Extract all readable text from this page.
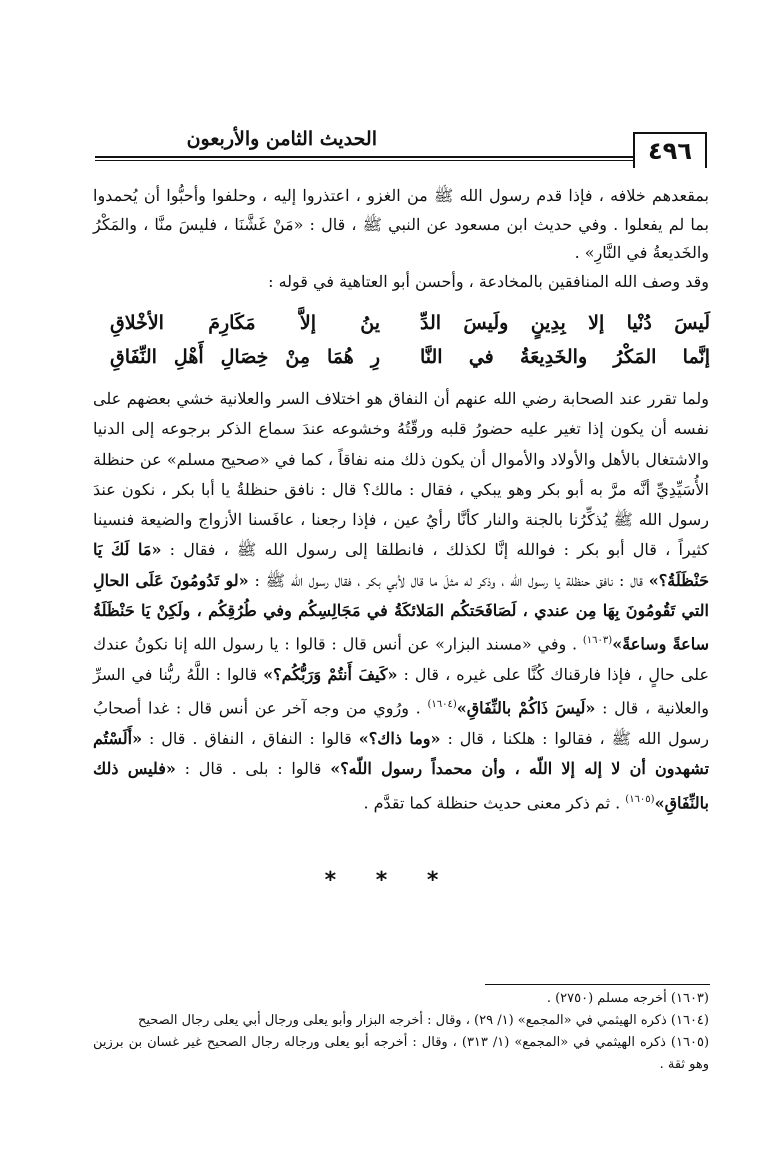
الحديث الثامن والأربعون	٤٩٦

بمقعدهم خلافه ، فإذا قدم رسول الله ﷺ من الغزو ، اعتذروا إليه ، وحلفوا وأحبُّوا أن يُحمدوا بما لم يفعلوا . وفي حديث ابن مسعود عن النبي ﷺ ، قال : «مَنْ غَشَّنَا ، فليسَ منَّا ، والمَكْرُ والخَديعةُ في النَّارِ» .

وقد وصف الله المنافقين بالمخادعة ، وأحسن أبو العتاهية في قوله :

لَيسَ دُنْيا إلا بِدِينٍ ولَيسَ الدِّ
ينُ إلاَّ مَكَارِمَ الأخْلاقِ
إنَّما المَكْرُ والخَدِيعَةُ في النَّا
رِ هُمَا مِنْ خِصَالِ أَهْلِ النِّفَاقِ
ولما تقرر عند الصحابة رضي الله عنهم أن النفاق هو اختلاف السر والعلانية خشي بعضهم على نفسه أن يكون إذا تغير عليه حضورُ قلبه ورقّتُهُ وخشوعه عندَ سماع الذكر برجوعه إلى الدنيا والاشتغال بالأهل والأولاد والأموال أن يكون ذلك منه نفاقاً ، كما في «صحيح مسلم» عن حنظلة الأُسَيِّدِيِّ أنَّه مرَّ به أبو بكر وهو يبكي ، فقال : مالك؟ قال : نافق حنظلةُ يا أبا بكر ، نكون عندَ رسول الله ﷺ يُذكِّرُنا بالجنة والنار كأنَّا رأيُ عين ، فإذا رجعنا ، عافَسنا الأزواج والضيعة فنسينا كثيراً ، قال أبو بكر : فوالله إنَّا لكذلك ، فانطلقا إلى رسول الله ﷺ ، فقال : «مَا لَكَ يَا حَنْظَلَةُ؟» قال : نافق حنظلة يا رسول الله ، وذكر له مثلَ ما قال لأبي بكر ، فقال رسول الله ﷺ : «لو تَدُومُونَ عَلَى الحالِ التي تَقُومُونَ بِهَا مِن عندي ، لَصَافَحَتكُم المَلائكَةُ في مَجَالِسِكُم وفي طُرُقِكُم ، ولَكِنْ يَا حَنْظَلَةُ ساعةً وساعةً»$^{(١٦٠٣)}$ . وفي «مسند البزار» عن أنس قال : قالوا : يا رسول الله إنا نكونُ عندك على حالٍ ، فإذا فارقناك كُنَّا على غيره ، قال : «كَيفَ أَنتُمْ وَرَبُّكُم؟» قالوا : اللَّهُ ربُّنا في السرِّ والعلانية ، قال : «لَيسَ ذَاكُمْ بالنِّفَاقِ»$^{(١٦٠٤)}$ . ورُوي من وجه آخر عن أنس قال : غدا أصحابُ رسول الله ﷺ ، فقالوا : هلكنا ، قال : «وما ذاك؟» قالوا : النفاق ، النفاق . قال : «أَلَسْتُم تشهدون أن لا إله إلا اللّه ، وأن محمداً رسول اللّه؟» قالوا : بلى . قال : «فليس ذلك بالنِّفَاقِ»$^{(١٦٠٥)}$ . ثم ذكر معنى حديث حنظلة كما تقدَّم .
* * *

(١٦٠٣) أخرجه مسلم (٢٧٥٠) .

(١٦٠٤) ذكره الهيثمي في «المجمع» (١/ ٢٩) ، وقال : أخرجه البزار وأبو يعلى ورجال أبي يعلى رجال الصحيح

(١٦٠٥) ذكره الهيثمي في «المجمع» (١/ ٣١٣) ، وقال : أخرجه أبو يعلى ورجاله رجال الصحيح غير غسان بن برزين وهو ثقة .
